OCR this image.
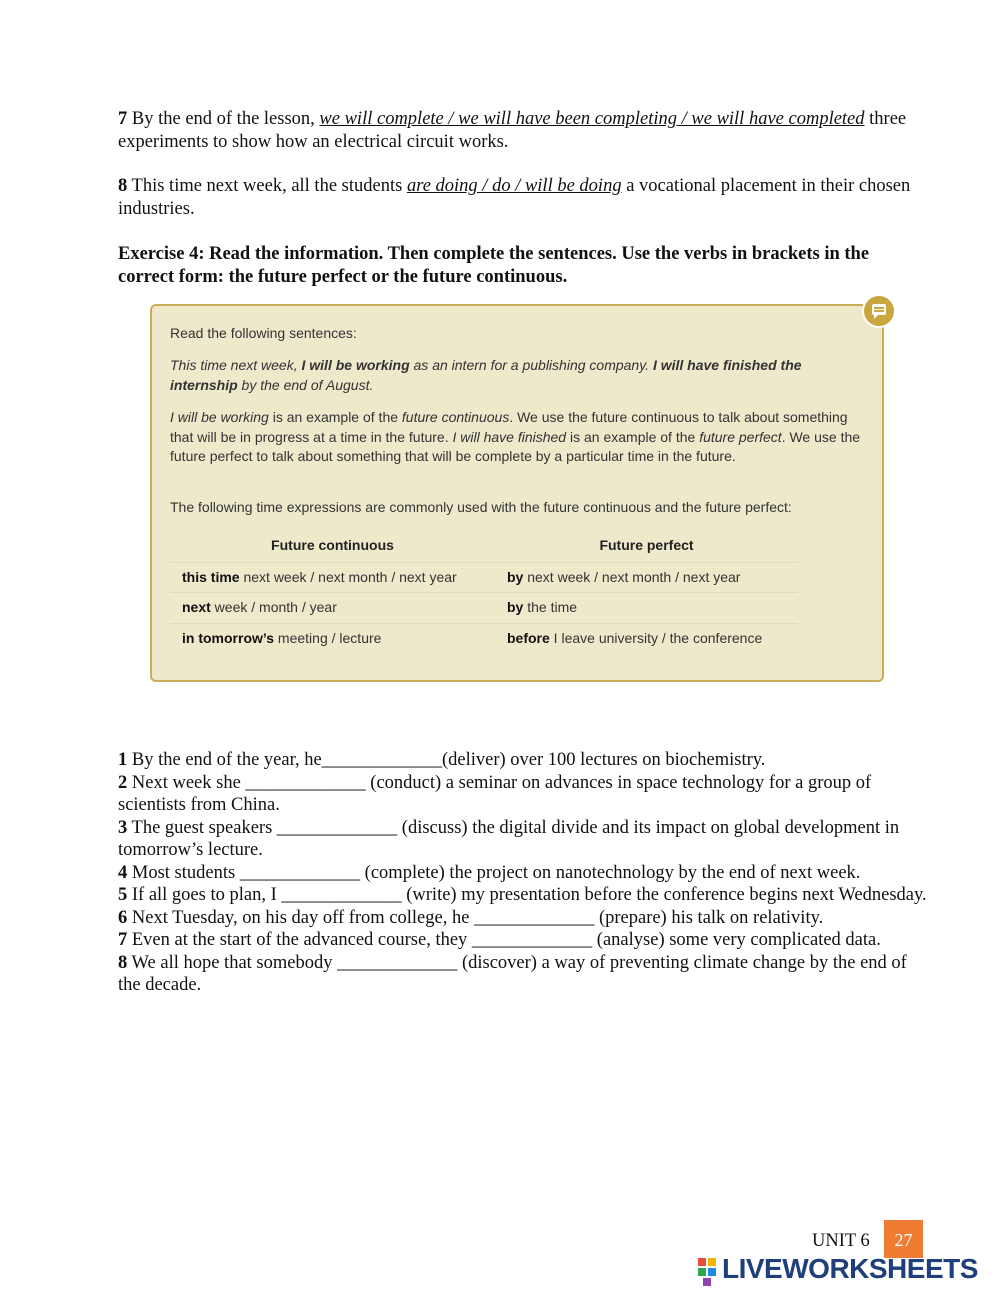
7 By the end of the lesson, we will complete / we will have been completing / we will have completed three experiments to show how an electrical circuit works.
8 This time next week, all the students are doing / do / will be doing a vocational placement in their chosen industries.
Exercise 4: Read the information. Then complete the sentences. Use the verbs in brackets in the
correct form: the future perfect or the future continuous.

Read the following sentences:

This time next week, I will be working as an intern for a publishing company. I will have finished the internship by the end of August.

I will be working is an example of the future continuous. We use the future continuous to talk about something that will be in progress at a time in the future. I will have finished is an example of the future perfect. We use the future perfect to talk about something that will be complete by a particular time in the future.

The following time expressions are commonly used with the future continuous and the future perfect:

Future continuous	Future perfect
this time next week / next month / next year	by next week / next month / next year
next week / month / year	by the time
in tomorrow’s meeting / lecture	before I leave university / the conference
1 By the end of the year, he_____________(deliver) over 100 lectures on biochemistry.
2 Next week she _____________ (conduct) a seminar on advances in space technology for a group of scientists from China.
3 The guest speakers _____________ (discuss) the digital divide and its impact on global development in tomorrow’s lecture.
4 Most students _____________ (complete) the project on nanotechnology by the end of next week.
5 If all goes to plan, I _____________ (write) my presentation before the conference begins next Wednesday.
6 Next Tuesday, on his day off from college, he _____________ (prepare) his talk on relativity.
7 Even at the start of the advanced course, they _____________ (analyse) some very complicated data.
8 We all hope that somebody _____________ (discover) a way of preventing climate change by the end of the decade.
UNIT 6	27
LIVEWORKSHEETS
